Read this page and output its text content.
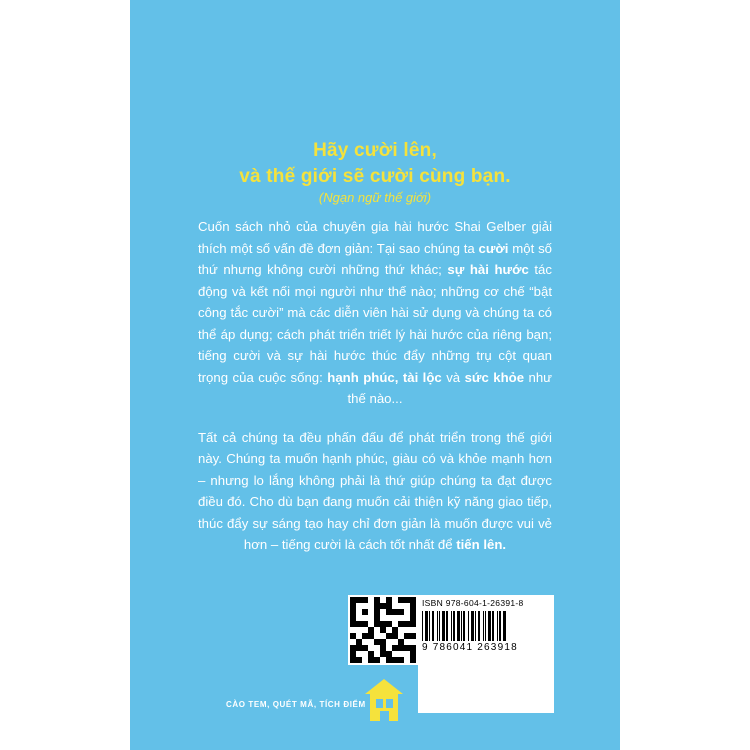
Hãy cười lên,
và thế giới sẽ cười cùng bạn.
(Ngạn ngữ thế giới)

Cuốn sách nhỏ của chuyên gia hài hước Shai Gelber giải thích một số vấn đề đơn giản: Tại sao chúng ta cười một số thứ nhưng không cười những thứ khác; sự hài hước tác động và kết nối mọi người như thế nào; những cơ chế “bật công tắc cười” mà các diễn viên hài sử dụng và chúng ta có thể áp dụng; cách phát triển triết lý hài hước của riêng bạn; tiếng cười và sự hài hước thúc đẩy những trụ cột quan trọng của cuộc sống: hạnh phúc, tài lộc và sức khỏe như thế nào...

Tất cả chúng ta đều phấn đấu để phát triển trong thế giới này. Chúng ta muốn hạnh phúc, giàu có và khỏe mạnh hơn – nhưng lo lắng không phải là thứ giúp chúng ta đạt được điều đó. Cho dù bạn đang muốn cải thiện kỹ năng giao tiếp, thúc đẩy sự sáng tạo hay chỉ đơn giản là muốn được vui vẻ hơn – tiếng cười là cách tốt nhất để tiến lên.

ISBN 978-604-1-26391-8
9 786041 263918
CÀO TEM, QUÉT MÃ, TÍCH ĐIỂM
